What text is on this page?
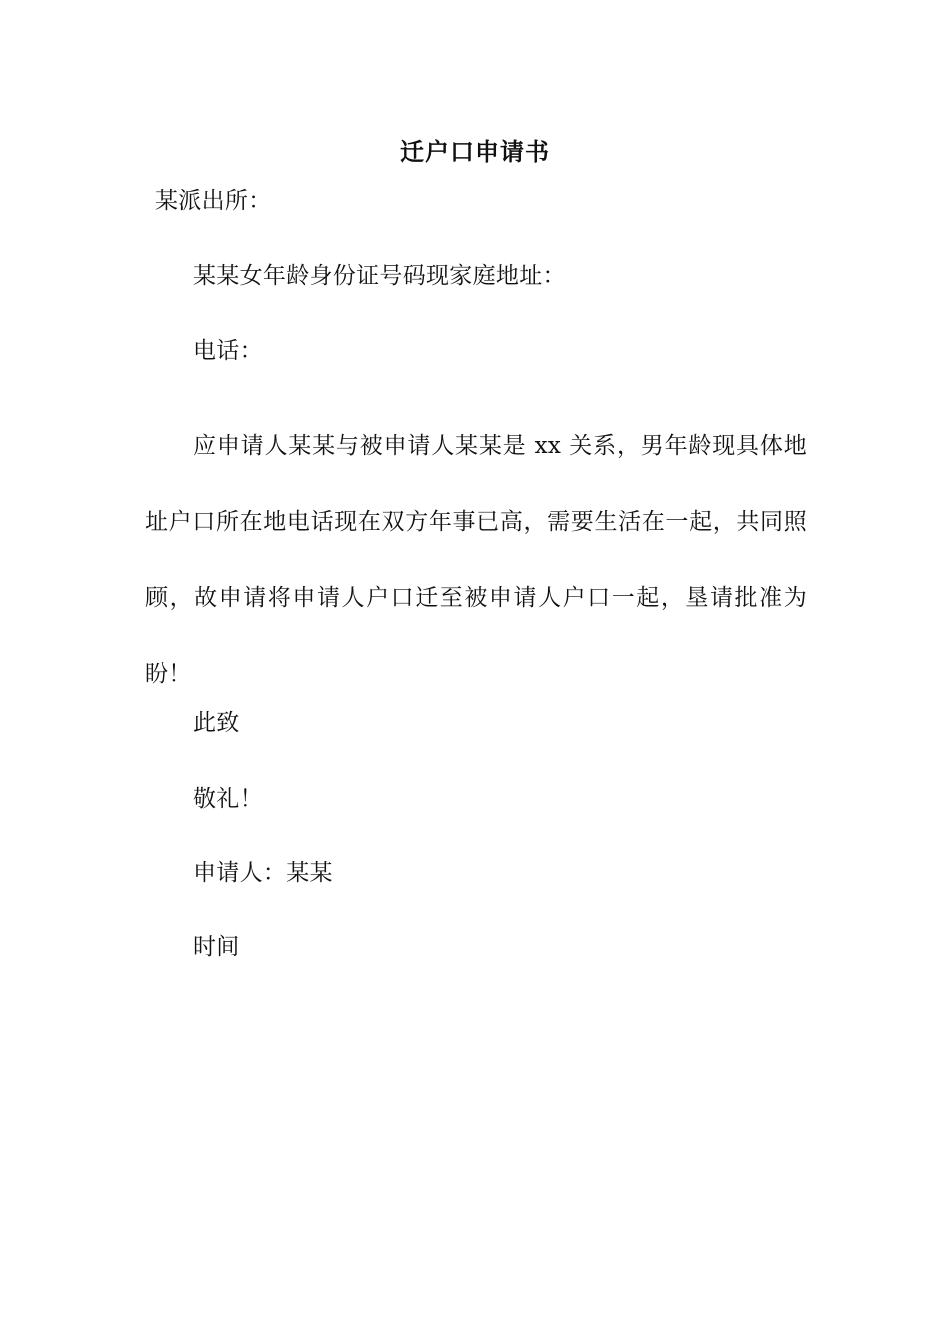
迁户口申请书
某派出所：
某某女年龄身份证号码现家庭地址：
电话：
应申请人某某与被申请人某某是 xx 关系，男年龄现具体地址户口所在地电话现在双方年事已高，需要生活在一起，共同照顾，故申请将申请人户口迁至被申请人户口一起，垦请批准为盼！
此致
敬礼！
申请人：某某
时间
